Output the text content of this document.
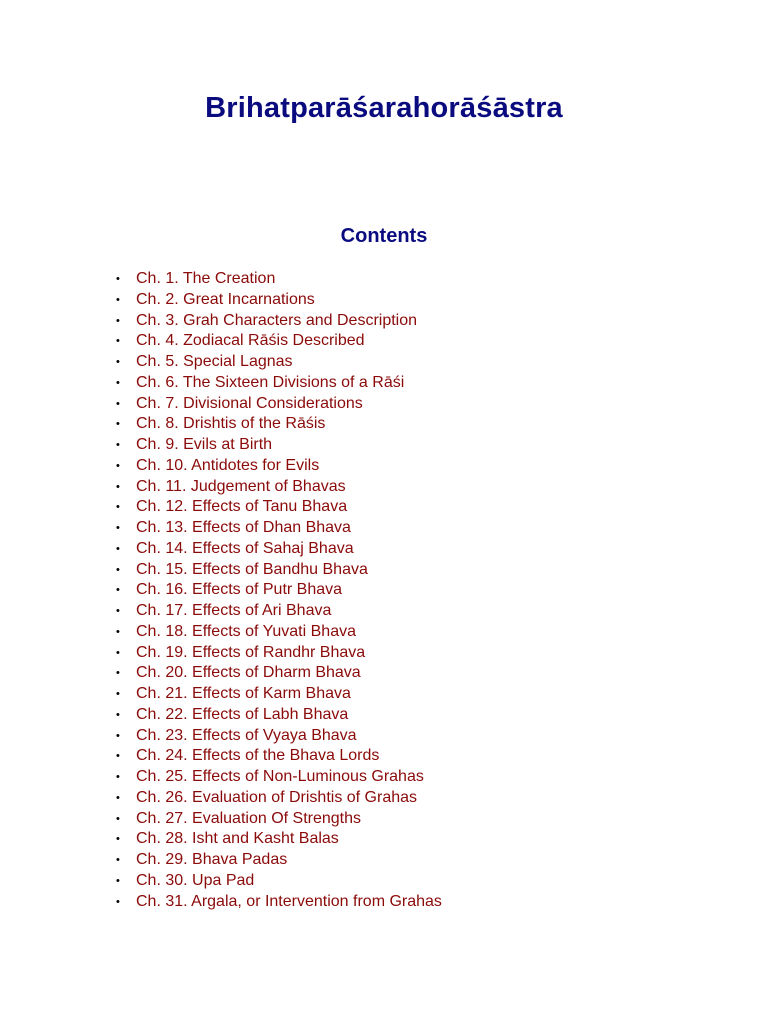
Brihatparāśarahorāśāstra
Contents
• Ch. 1. The Creation
• Ch. 2. Great Incarnations
• Ch. 3. Grah Characters and Description
• Ch. 4. Zodiacal Rāśis Described
• Ch. 5. Special Lagnas
• Ch. 6. The Sixteen Divisions of a Rāśi
• Ch. 7. Divisional Considerations
• Ch. 8. Drishtis of the Rāśis
• Ch. 9. Evils at Birth
• Ch. 10. Antidotes for Evils
• Ch. 11. Judgement of Bhavas
• Ch. 12. Effects of Tanu Bhava
• Ch. 13. Effects of Dhan Bhava
• Ch. 14. Effects of Sahaj Bhava
• Ch. 15. Effects of Bandhu Bhava
• Ch. 16. Effects of Putr Bhava
• Ch. 17. Effects of Ari Bhava
• Ch. 18. Effects of Yuvati Bhava
• Ch. 19. Effects of Randhr Bhava
• Ch. 20. Effects of Dharm Bhava
• Ch. 21. Effects of Karm Bhava
• Ch. 22. Effects of Labh Bhava
• Ch. 23. Effects of Vyaya Bhava
• Ch. 24. Effects of the Bhava Lords
• Ch. 25. Effects of Non-Luminous Grahas
• Ch. 26. Evaluation of Drishtis of Grahas
• Ch. 27. Evaluation Of Strengths
• Ch. 28. Isht and Kasht Balas
• Ch. 29. Bhava Padas
• Ch. 30. Upa Pad
• Ch. 31. Argala, or Intervention from Grahas
